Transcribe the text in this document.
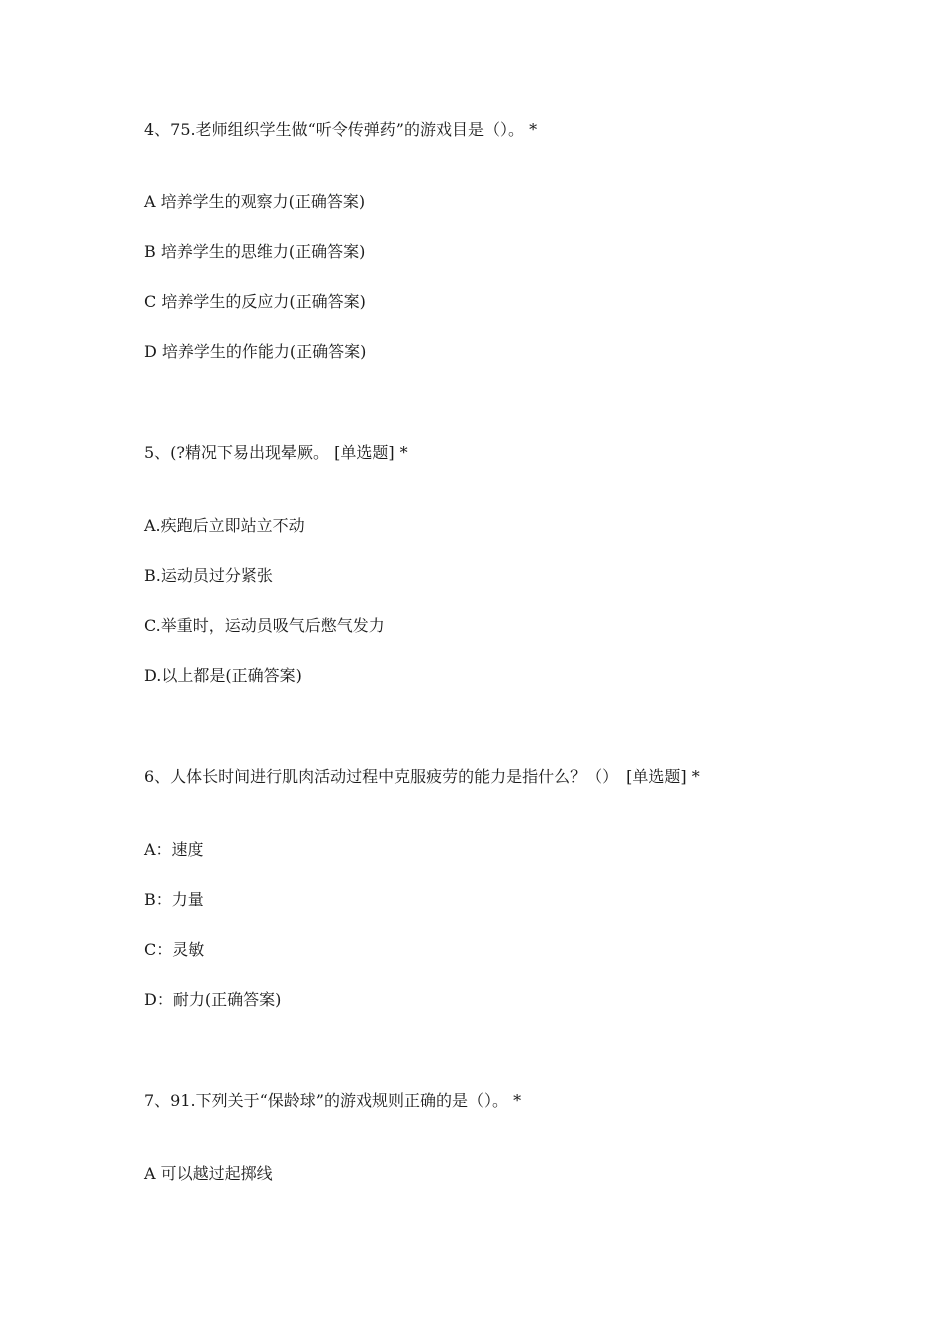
4、75.老师组织学生做“听令传弹药”的游戏目是（）。 *
A 培养学生的观察力(正确答案)
B 培养学生的思维力(正确答案)
C 培养学生的反应力(正确答案)
D 培养学生的作能力(正确答案)
5、(?精况下易出现晕厥。 [单选题] *
A.疾跑后立即站立不动
B.运动员过分紧张
C.举重时，运动员吸气后憋气发力
D.以上都是(正确答案)
6、人体长时间进行肌肉活动过程中克服疲劳的能力是指什么？（）　[单选题] *
A：速度
B：力量
C：灵敏
D：耐力(正确答案)
7、91.下列关于“保龄球”的游戏规则正确的是（）。 *
A 可以越过起掷线
